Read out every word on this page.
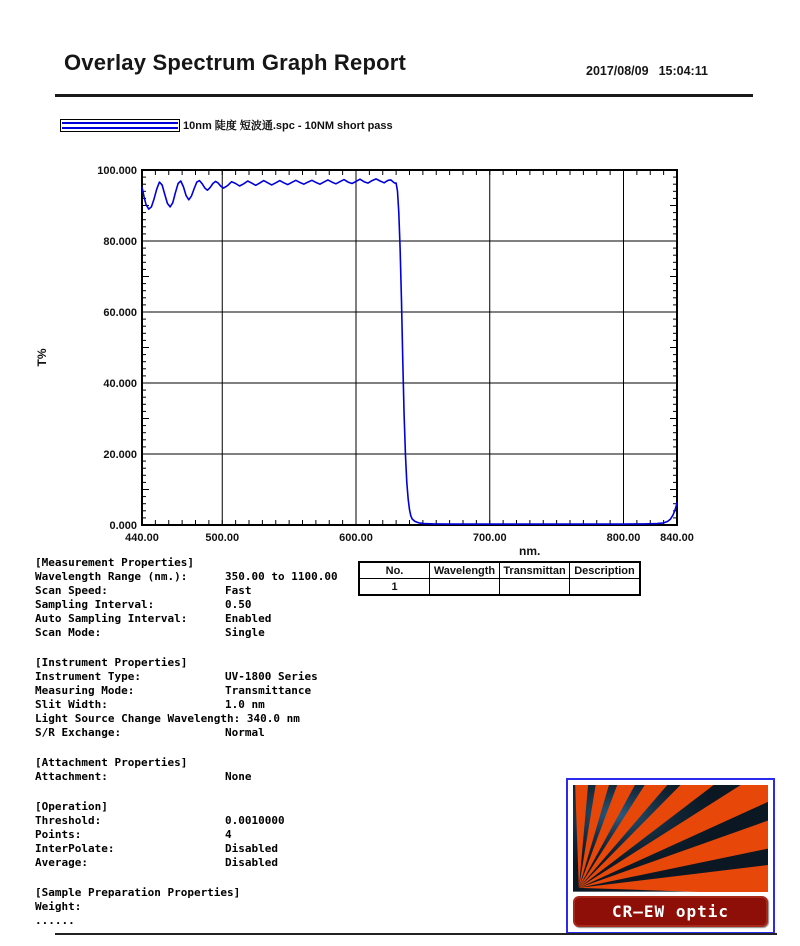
Overlay Spectrum Graph Report	2017/08/09 15:04:11
10nm 陡度 短波通.spc - 10NM short pass
0.000
20.000
40.000
60.000
80.000
100.000
440.00	500.00	600.00	700.00	800.00 840.00
nm.
T%
[Measurement Properties]
Wavelength Range (nm.):	350.00 to 1100.00
Scan Speed:	Fast
Sampling Interval:	0.50
Auto Sampling Interval:	Enabled
Scan Mode:	Single
[Instrument Properties]
Instrument Type:	UV-1800 Series
Measuring Mode:	Transmittance
Slit Width:	1.0 nm
Light Source Change Wavelength: 340.0 nm
S/R Exchange:	Normal
[Attachment Properties]
Attachment:	None
[Operation]
Threshold:	0.0010000
Points:	4
InterPolate:	Disabled
Average:	Disabled
[Sample Preparation Properties]
Weight:
......
No.	Wavelength	Transmittan	Description
1			
CR—EW optic
